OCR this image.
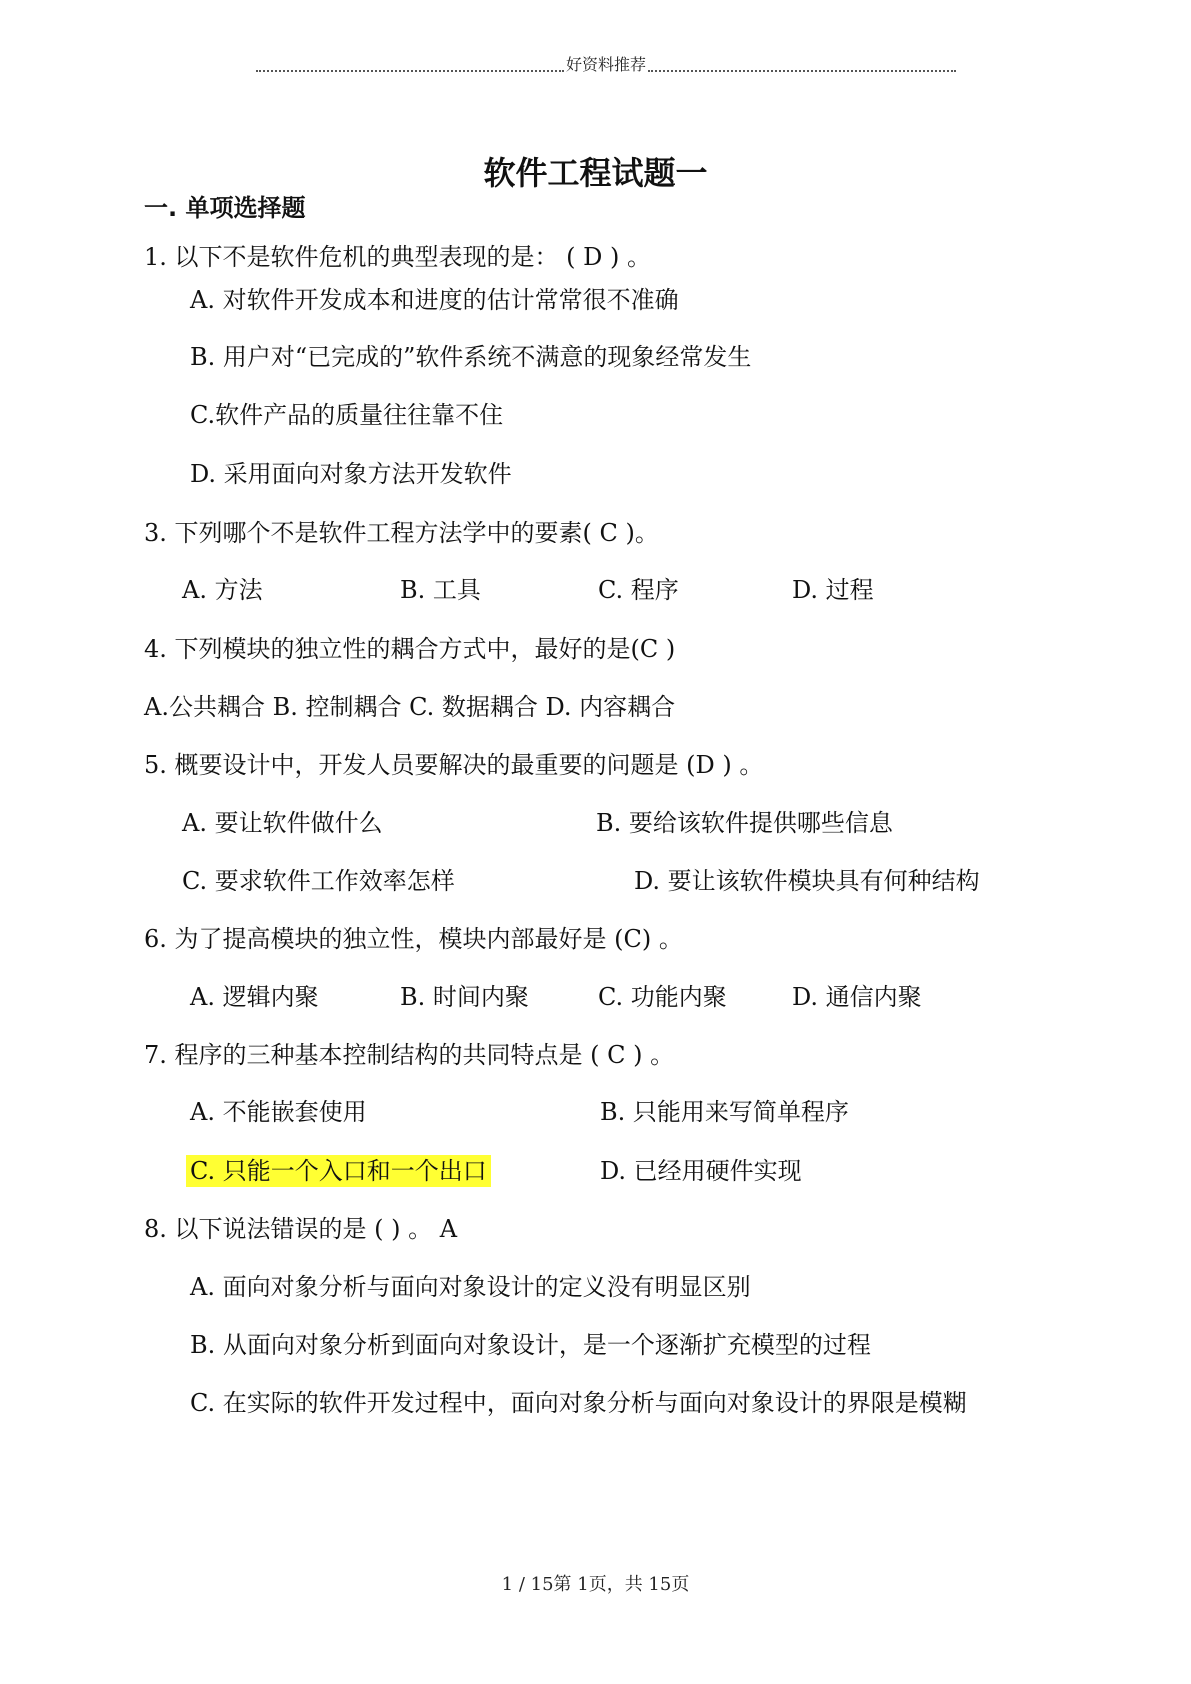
好资料推荐
软件工程试题一
一. 单项选择题
1. 以下不是软件危机的典型表现的是： ( D ) 。
A. 对软件开发成本和进度的估计常常很不准确
B. 用户对“已完成的”软件系统不满意的现象经常发生
C.软件产品的质量往往靠不住
D. 采用面向对象方法开发软件
3. 下列哪个不是软件工程方法学中的要素( C )。
A. 方法	B. 工具	C. 程序	D. 过程
4. 下列模块的独立性的耦合方式中，最好的是(C )
A.公共耦合 B. 控制耦合 C. 数据耦合 D. 内容耦合
5. 概要设计中，开发人员要解决的最重要的问题是 (D ) 。
A. 要让软件做什么	B. 要给该软件提供哪些信息
C. 要求软件工作效率怎样	D. 要让该软件模块具有何种结构
6. 为了提高模块的独立性，模块内部最好是 (C) 。
A. 逻辑内聚	B. 时间内聚	C. 功能内聚	D. 通信内聚
7. 程序的三种基本控制结构的共同特点是 ( C ) 。
A. 不能嵌套使用	B. 只能用来写简单程序
C. 只能一个入口和一个出口	D. 已经用硬件实现
8. 以下说法错误的是 ( ) 。 A
A. 面向对象分析与面向对象设计的定义没有明显区别
B. 从面向对象分析到面向对象设计，是一个逐渐扩充模型的过程
C. 在实际的软件开发过程中，面向对象分析与面向对象设计的界限是模糊
1 / 15第 1页，共 15页
